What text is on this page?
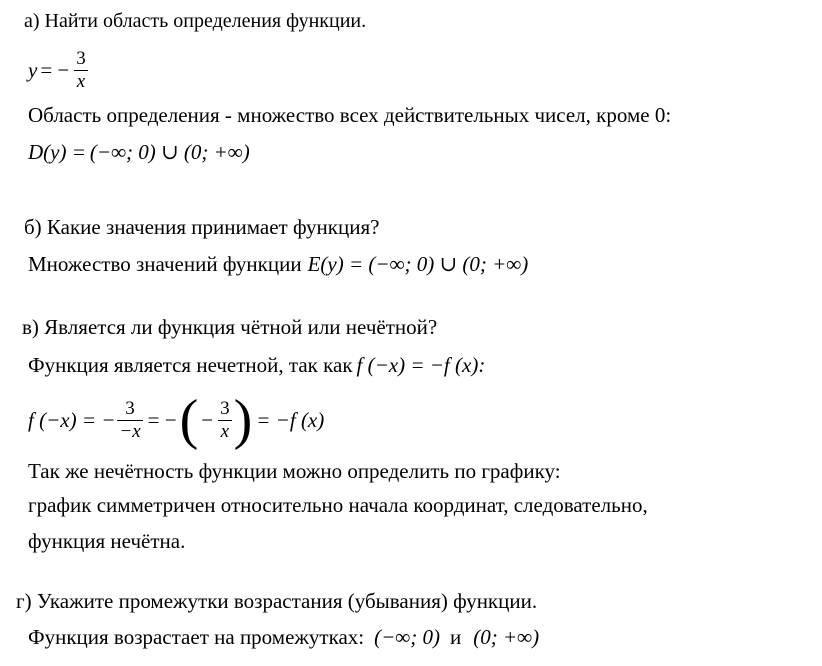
а) Найти область определения функции.
y = − $\frac{3}{x}$
Область определения - множество всех действительных чисел, кроме 0:
D(y) = (−∞; 0) ∪ (0; +∞)
б) Какие значения принимает функция?
Множество значений функции E(y) = (−∞; 0) ∪ (0; +∞)
в) Является ли функция чётной или нечётной?
Функция является нечетной, так как f (−x) = −f (x):
f (−x) = − $\frac{3}{-x}$ = − ( − $\frac{3}{x}$ ) = −f (x)
Так же нечётность функции можно определить по графику:
график симметричен относительно начала координат, следовательно,
функция нечётна.
г) Укажите промежутки возрастания (убывания) функции.
Функция возрастает на промежутках: (−∞; 0) и (0; +∞)
